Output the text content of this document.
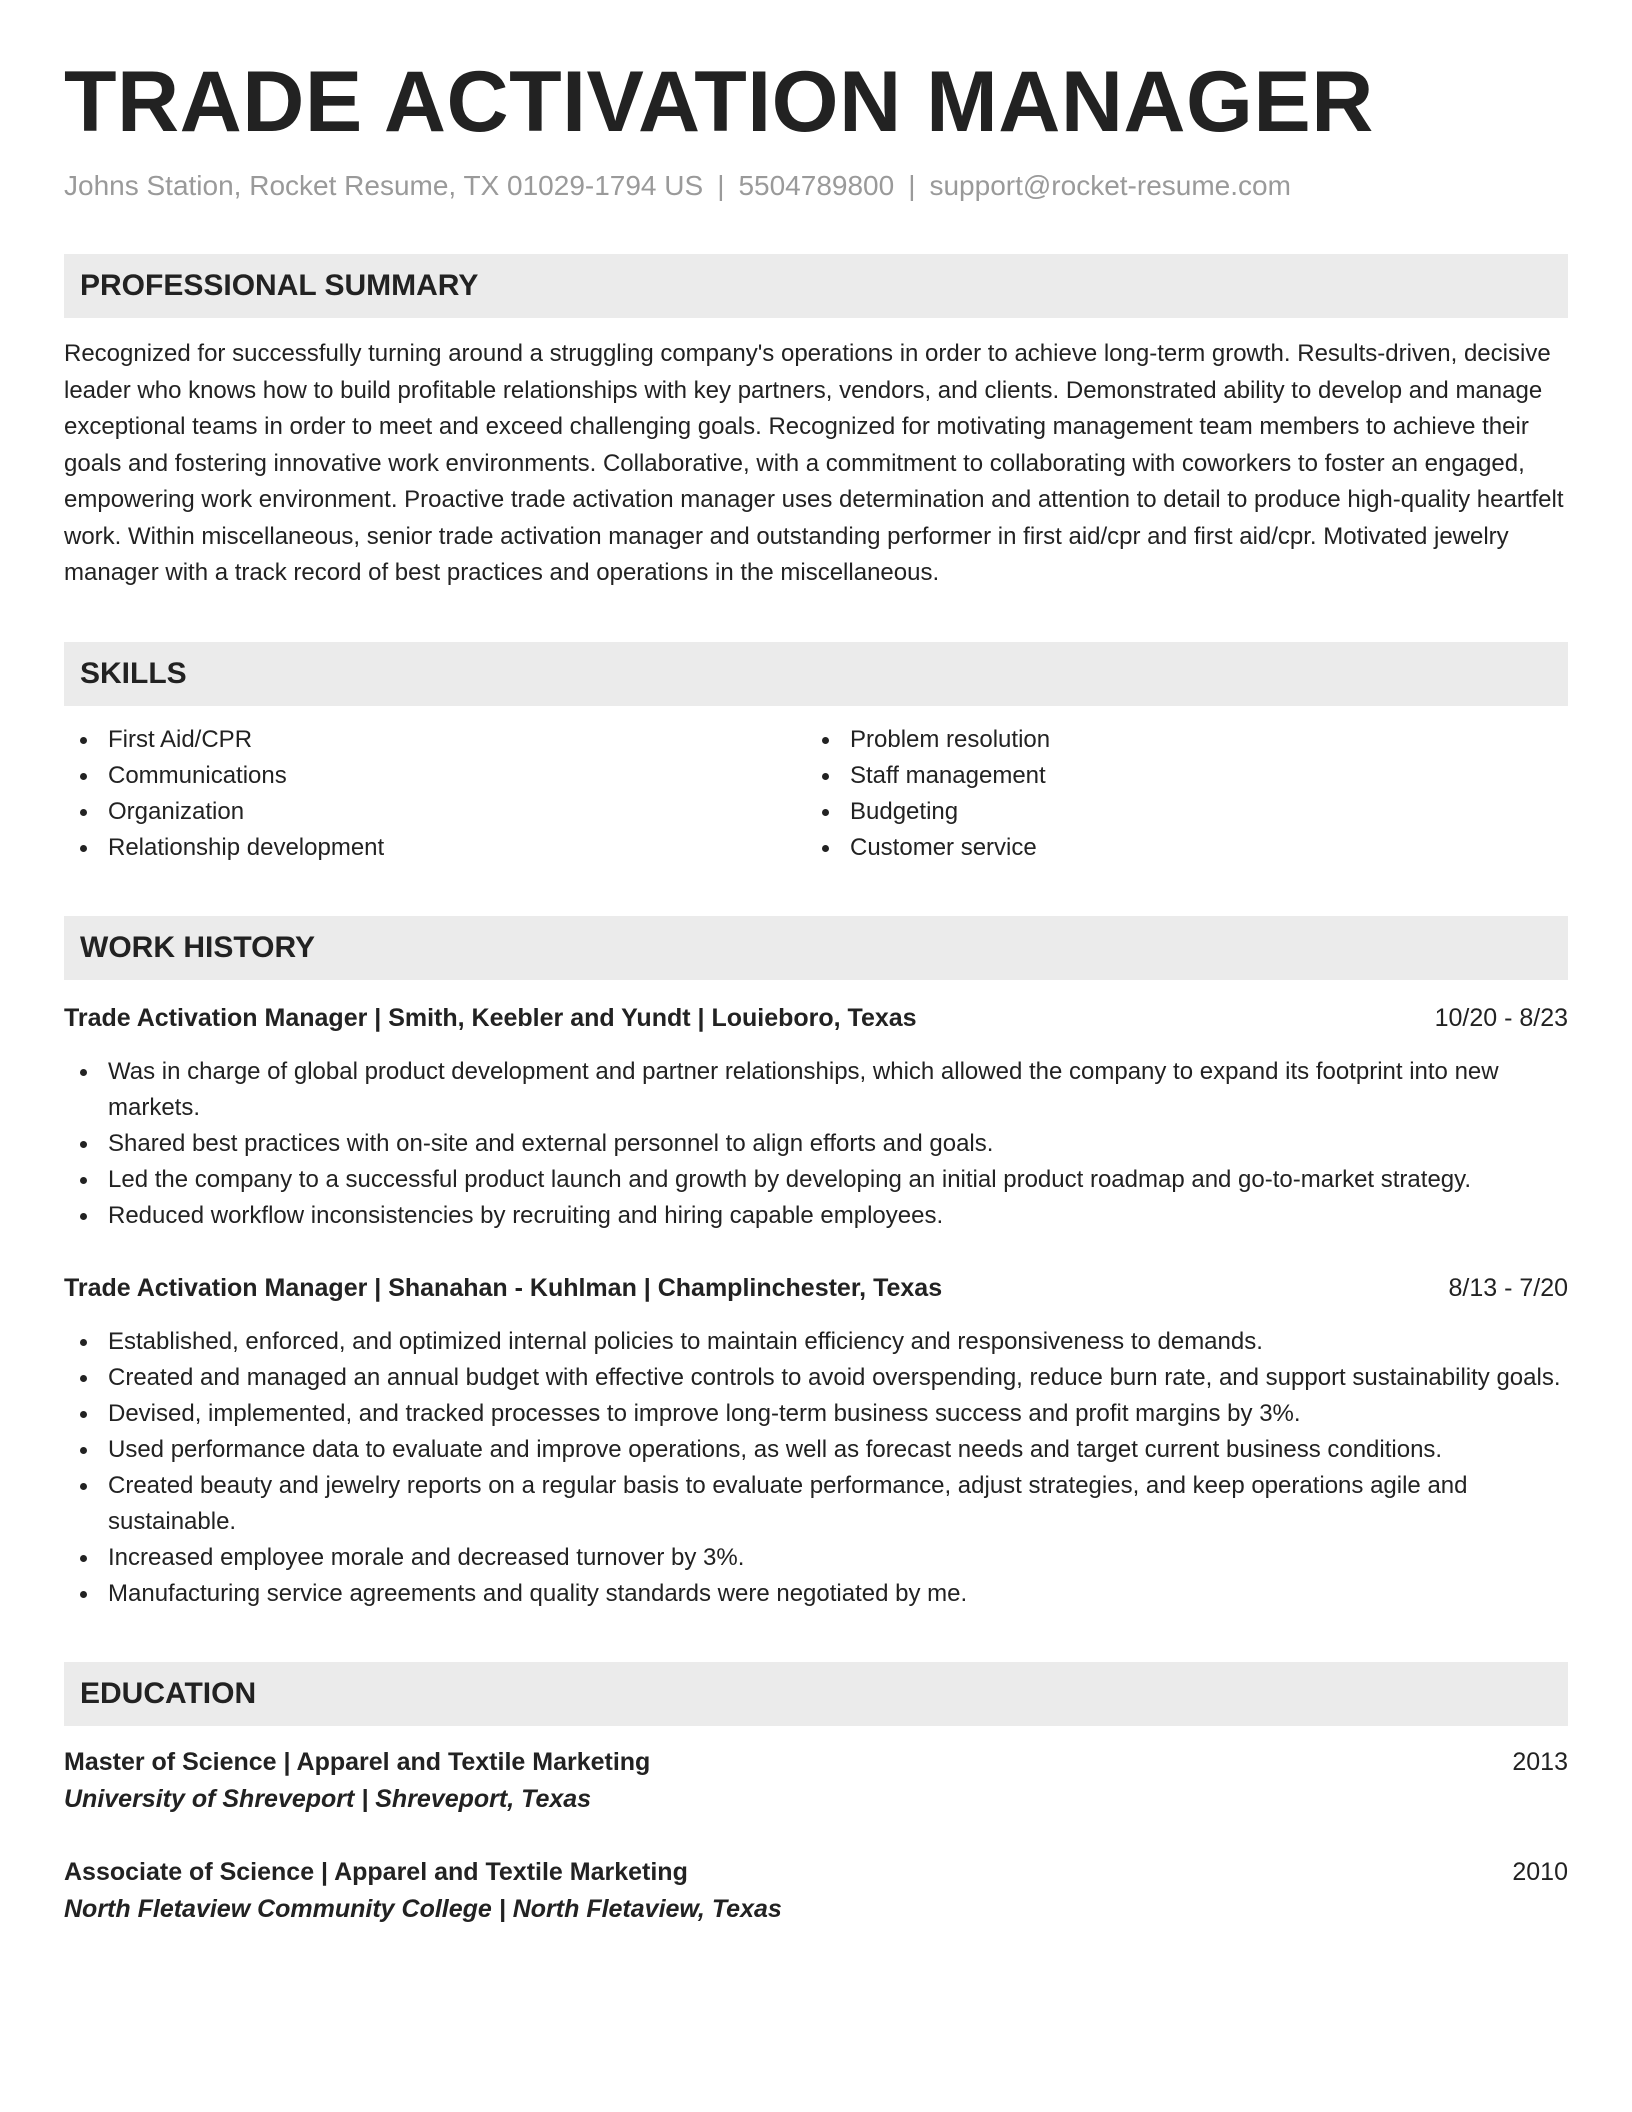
TRADE ACTIVATION MANAGER
Johns Station, Rocket Resume, TX 01029-1794 US | 5504789800 | support@rocket-resume.com
PROFESSIONAL SUMMARY
Recognized for successfully turning around a struggling company's operations in order to achieve long-term growth. Results-driven, decisive leader who knows how to build profitable relationships with key partners, vendors, and clients. Demonstrated ability to develop and manage exceptional teams in order to meet and exceed challenging goals. Recognized for motivating management team members to achieve their goals and fostering innovative work environments. Collaborative, with a commitment to collaborating with coworkers to foster an engaged, empowering work environment. Proactive trade activation manager uses determination and attention to detail to produce high-quality heartfelt work. Within miscellaneous, senior trade activation manager and outstanding performer in first aid/cpr and first aid/cpr. Motivated jewelry manager with a track record of best practices and operations in the miscellaneous.
SKILLS
First Aid/CPR
Communications
Organization
Relationship development
Problem resolution
Staff management
Budgeting
Customer service
WORK HISTORY
Trade Activation Manager | Smith, Keebler and Yundt | Louieboro, Texas	10/20 - 8/23
Was in charge of global product development and partner relationships, which allowed the company to expand its footprint into new markets.
Shared best practices with on-site and external personnel to align efforts and goals.
Led the company to a successful product launch and growth by developing an initial product roadmap and go-to-market strategy.
Reduced workflow inconsistencies by recruiting and hiring capable employees.
Trade Activation Manager | Shanahan - Kuhlman | Champlinchester, Texas	8/13 - 7/20
Established, enforced, and optimized internal policies to maintain efficiency and responsiveness to demands.
Created and managed an annual budget with effective controls to avoid overspending, reduce burn rate, and support sustainability goals.
Devised, implemented, and tracked processes to improve long-term business success and profit margins by 3%.
Used performance data to evaluate and improve operations, as well as forecast needs and target current business conditions.
Created beauty and jewelry reports on a regular basis to evaluate performance, adjust strategies, and keep operations agile and sustainable.
Increased employee morale and decreased turnover by 3%.
Manufacturing service agreements and quality standards were negotiated by me.
EDUCATION
Master of Science | Apparel and Textile Marketing	2013
University of Shreveport | Shreveport, Texas
Associate of Science | Apparel and Textile Marketing	2010
North Fletaview Community College | North Fletaview, Texas
